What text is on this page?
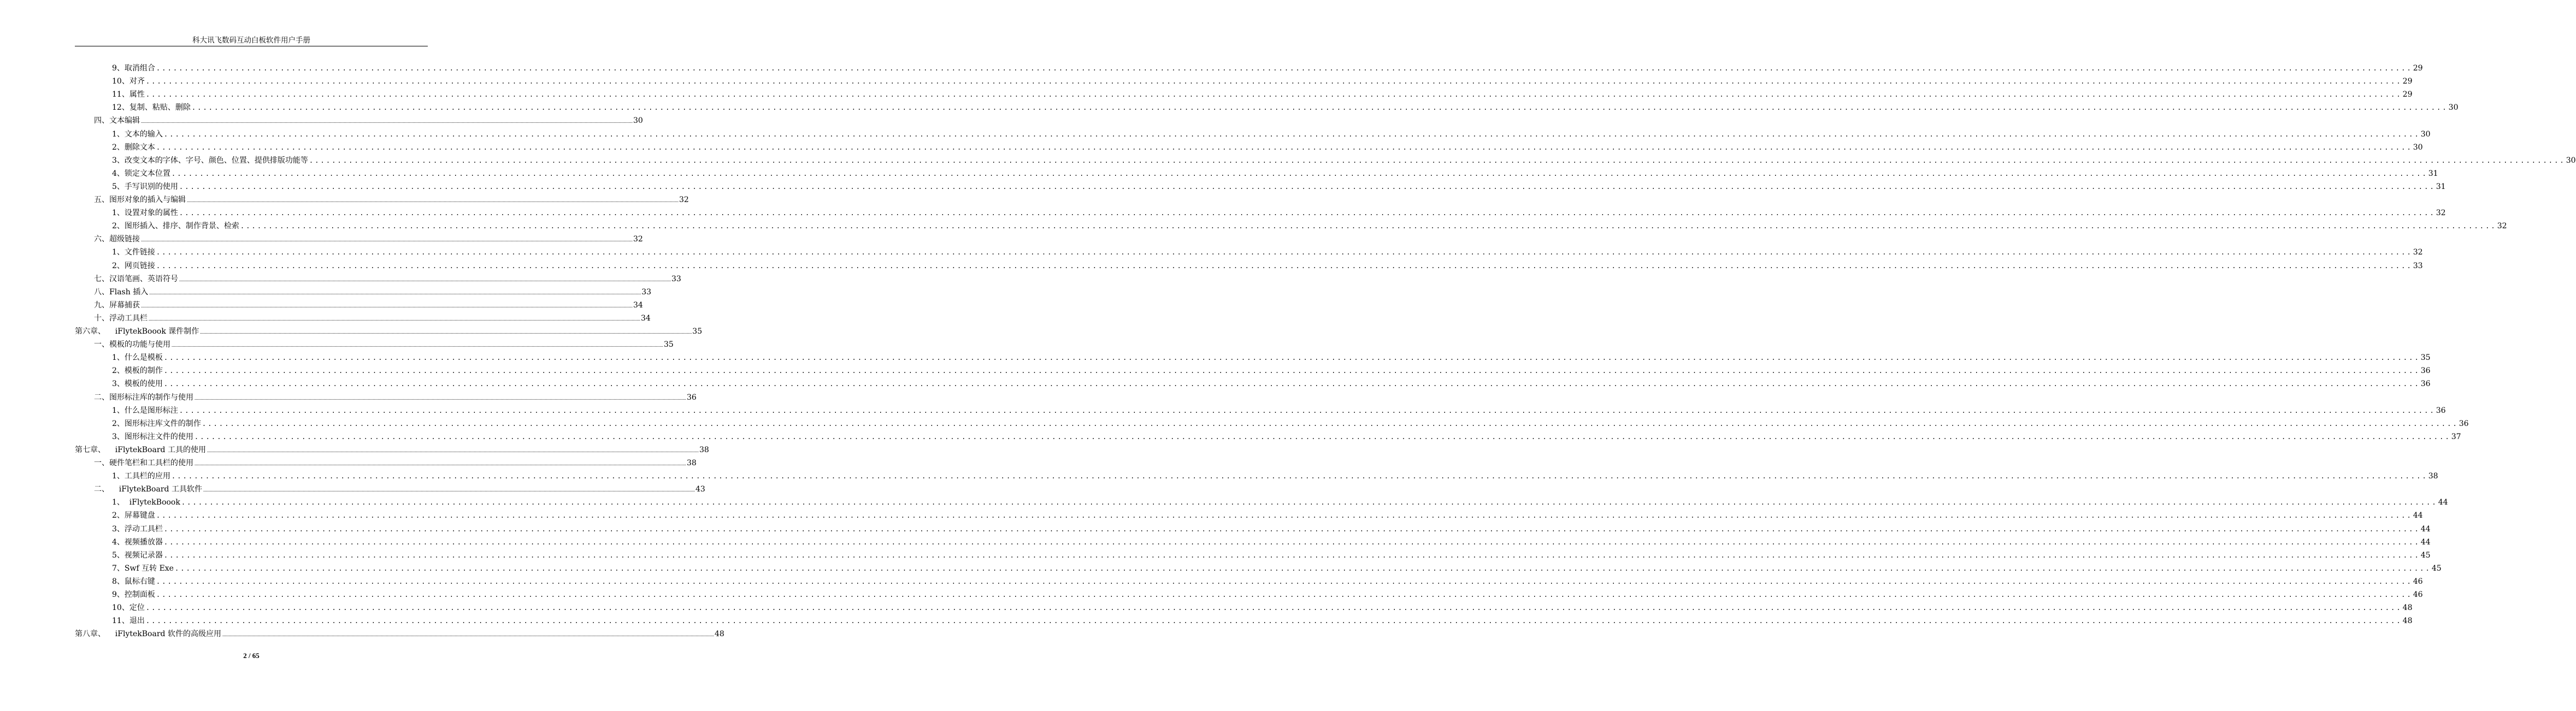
科大讯飞数码互动白板软件用户手册
9、取消组合 ................................................................................................................................................................................................................................................................................................................................................................................................................ 29
10、对齐 ................................................................................................................................................................................................................................................................................................................................................................................................................ 29
11、属性 ................................................................................................................................................................................................................................................................................................................................................................................................................ 29
12、复制、粘贴、删除 ................................................................................................................................................................................................................................................................................................................................................................................................................ 30
四、文本编辑 ................................................................................................................................................................................................................................................................................................................................................................................................................ 30
1、文本的输入 ................................................................................................................................................................................................................................................................................................................................................................................................................ 30
2、删除文本 ................................................................................................................................................................................................................................................................................................................................................................................................................ 30
3、改变文本的字体、字号、颜色、位置、提供排版功能等 ................................................................................................................................................................................................................................................................................................................................................................................................................ 30
4、锁定文本位置 ................................................................................................................................................................................................................................................................................................................................................................................................................ 31
5、手写识别的使用 ................................................................................................................................................................................................................................................................................................................................................................................................................ 31
五、图形对象的插入与编辑 ................................................................................................................................................................................................................................................................................................................................................................................................................ 32
1、设置对象的属性 ................................................................................................................................................................................................................................................................................................................................................................................................................ 32
2、图形插入、排序、制作背景、检索 ................................................................................................................................................................................................................................................................................................................................................................................................................ 32
六、超级链接 ................................................................................................................................................................................................................................................................................................................................................................................................................ 32
1、文件链接 ................................................................................................................................................................................................................................................................................................................................................................................................................ 32
2、网页链接 ................................................................................................................................................................................................................................................................................................................................................................................................................ 33
七、汉语笔画、英语符号 ................................................................................................................................................................................................................................................................................................................................................................................................................ 33
八、Flash 插入 ................................................................................................................................................................................................................................................................................................................................................................................................................ 33
九、屏幕捕获 ................................................................................................................................................................................................................................................................................................................................................................................................................ 34
十、浮动工具栏 ................................................................................................................................................................................................................................................................................................................................................................................................................ 34
第六章、    iFlytekBoook 课件制作 ................................................................................................................................................................................................................................................................................................................................................................................................................ 35
一、模板的功能与使用 ................................................................................................................................................................................................................................................................................................................................................................................................................ 35
1、什么是模板 ................................................................................................................................................................................................................................................................................................................................................................................................................ 35
2、模板的制作 ................................................................................................................................................................................................................................................................................................................................................................................................................ 36
3、模板的使用 ................................................................................................................................................................................................................................................................................................................................................................................................................ 36
二、图形标注库的制作与使用 ................................................................................................................................................................................................................................................................................................................................................................................................................ 36
1、什么是图形标注 ................................................................................................................................................................................................................................................................................................................................................................................................................ 36
2、图形标注库文件的制作 ................................................................................................................................................................................................................................................................................................................................................................................................................ 36
3、图形标注文件的使用 ................................................................................................................................................................................................................................................................................................................................................................................................................ 37
第七章、    iFlytekBoard 工具的使用 ................................................................................................................................................................................................................................................................................................................................................................................................................ 38
一、硬件笔栏和工具栏的使用 ................................................................................................................................................................................................................................................................................................................................................................................................................ 38
1、工具栏的应用 ................................................................................................................................................................................................................................................................................................................................................................................................................ 38
二、    iFlytekBoard 工具软件 ................................................................................................................................................................................................................................................................................................................................................................................................................ 43
1、  iFlytekBoook ................................................................................................................................................................................................................................................................................................................................................................................................................ 44
2、屏幕键盘 ................................................................................................................................................................................................................................................................................................................................................................................................................ 44
3、浮动工具栏 ................................................................................................................................................................................................................................................................................................................................................................................................................ 44
4、视频播放器 ................................................................................................................................................................................................................................................................................................................................................................................................................ 44
5、视频记录器 ................................................................................................................................................................................................................................................................................................................................................................................................................ 45
7、Swf 互转 Exe ................................................................................................................................................................................................................................................................................................................................................................................................................ 45
8、鼠标右键 ................................................................................................................................................................................................................................................................................................................................................................................................................ 46
9、控制面板 ................................................................................................................................................................................................................................................................................................................................................................................................................ 46
10、定位 ................................................................................................................................................................................................................................................................................................................................................................................................................ 48
11、退出 ................................................................................................................................................................................................................................................................................................................................................................................................................ 48
第八章、    iFlytekBoard 软件的高级应用 ................................................................................................................................................................................................................................................................................................................................................................................................................ 48
2 / 65
